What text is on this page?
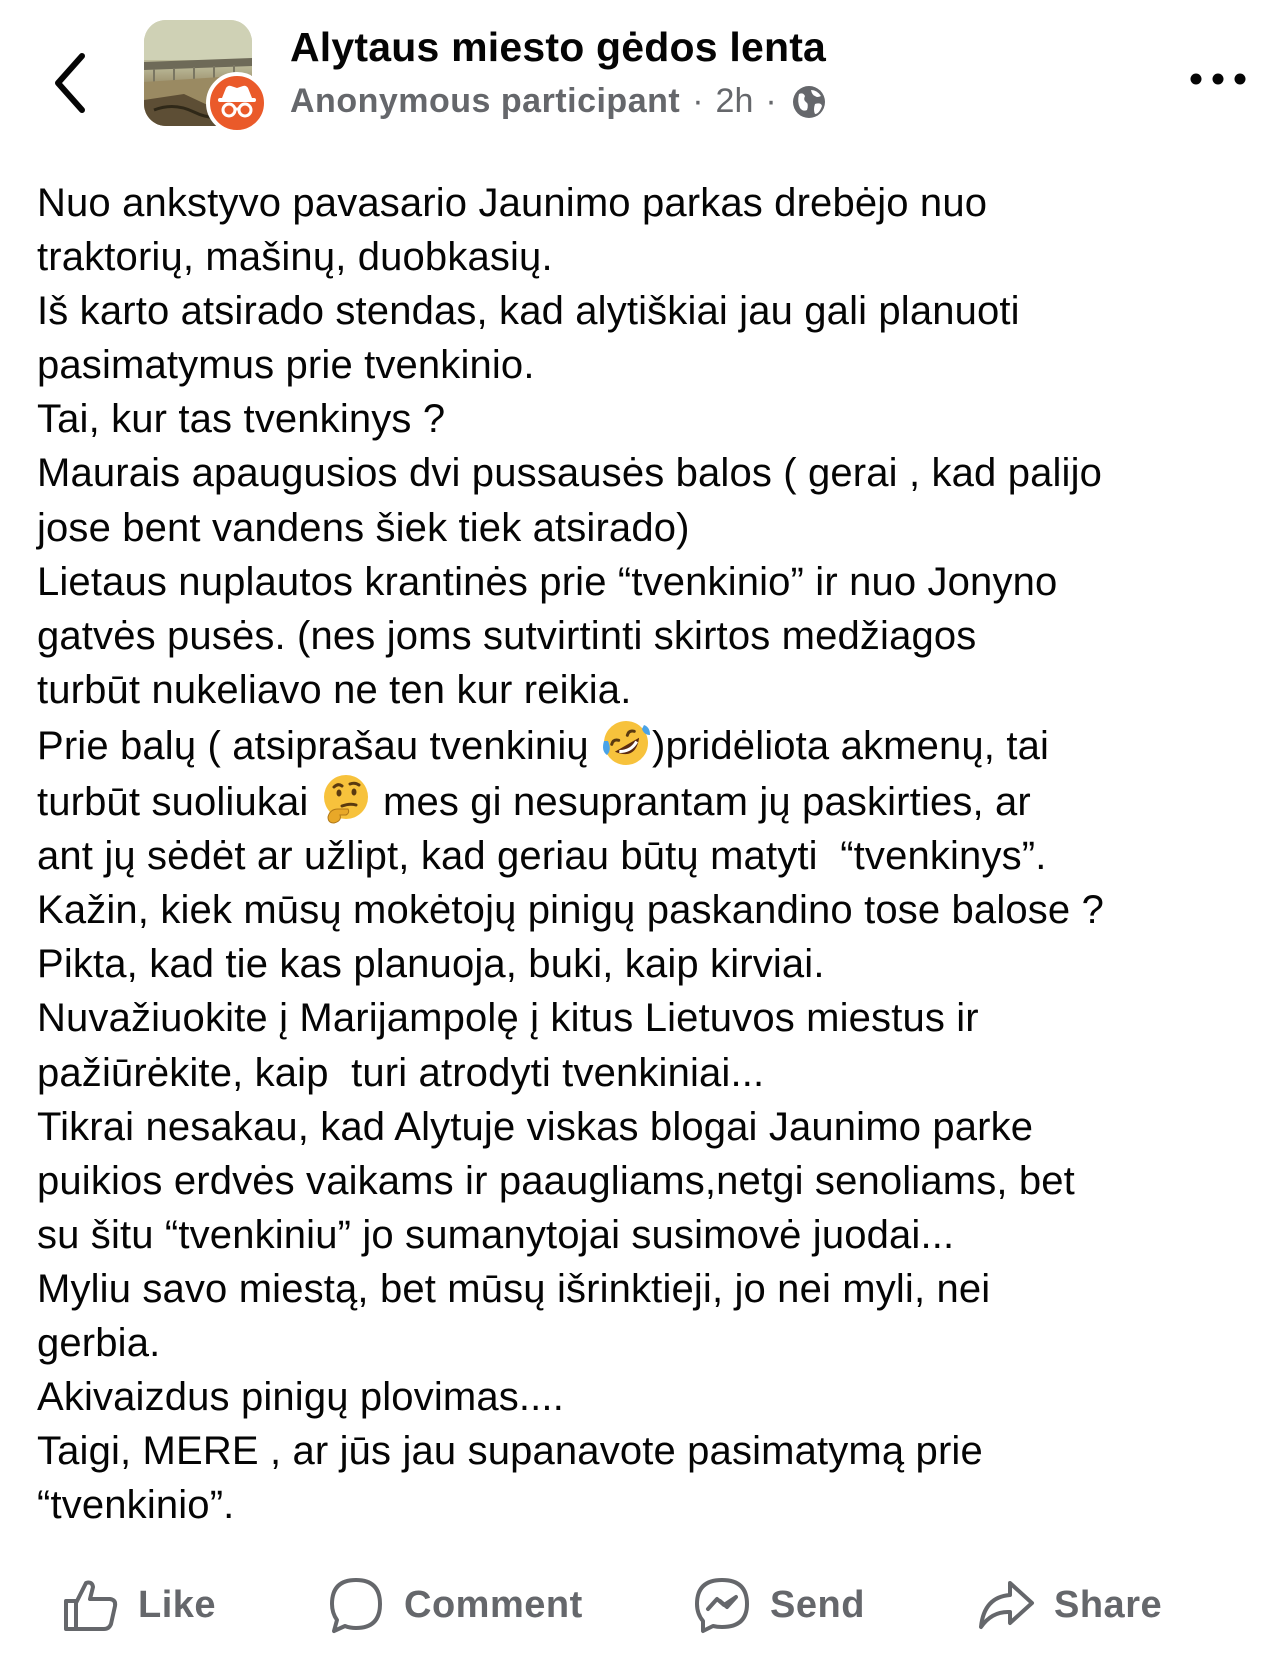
Alytaus miesto gėdos lenta
Anonymous participant · 2h ·

Nuo ankstyvo pavasario Jaunimo parkas drebėjo nuo

traktorių, mašinų, duobkasių.

Iš karto atsirado stendas, kad alytiškiai jau gali planuoti

pasimatymus prie tvenkinio.

Tai, kur tas tvenkinys ?

Maurais apaugusios dvi pussausės balos ( gerai , kad palijo

jose bent vandens šiek tiek atsirado)

Lietaus nuplautos krantinės prie “tvenkinio” ir nuo Jonyno

gatvės pusės. (nes joms sutvirtinti skirtos medžiagos

turbūt nukeliavo ne ten kur reikia.

Prie balų ( atsiprašau tvenkinių )pridėliota akmenų, tai

turbūt suoliukai  mes gi nesuprantam jų paskirties, ar

ant jų sėdėt ar užlipt, kad geriau būtų matyti  “tvenkinys”.

Kažin, kiek mūsų mokėtojų pinigų paskandino tose balose ?

Pikta, kad tie kas planuoja, buki, kaip kirviai.

Nuvažiuokite į Marijampolę į kitus Lietuvos miestus ir

pažiūrėkite, kaip  turi atrodyti tvenkiniai...

Tikrai nesakau, kad Alytuje viskas blogai Jaunimo parke

puikios erdvės vaikams ir paaugliams,netgi senoliams, bet

su šitu “tvenkiniu” jo sumanytojai susimovė juodai...

Myliu savo miestą, bet mūsų išrinktieji, jo nei myli, nei

gerbia.

Akivaizdus pinigų plovimas....

Taigi, MERE , ar jūs jau supanavote pasimatymą prie

“tvenkinio”.

Like	Comment	Send	Share
